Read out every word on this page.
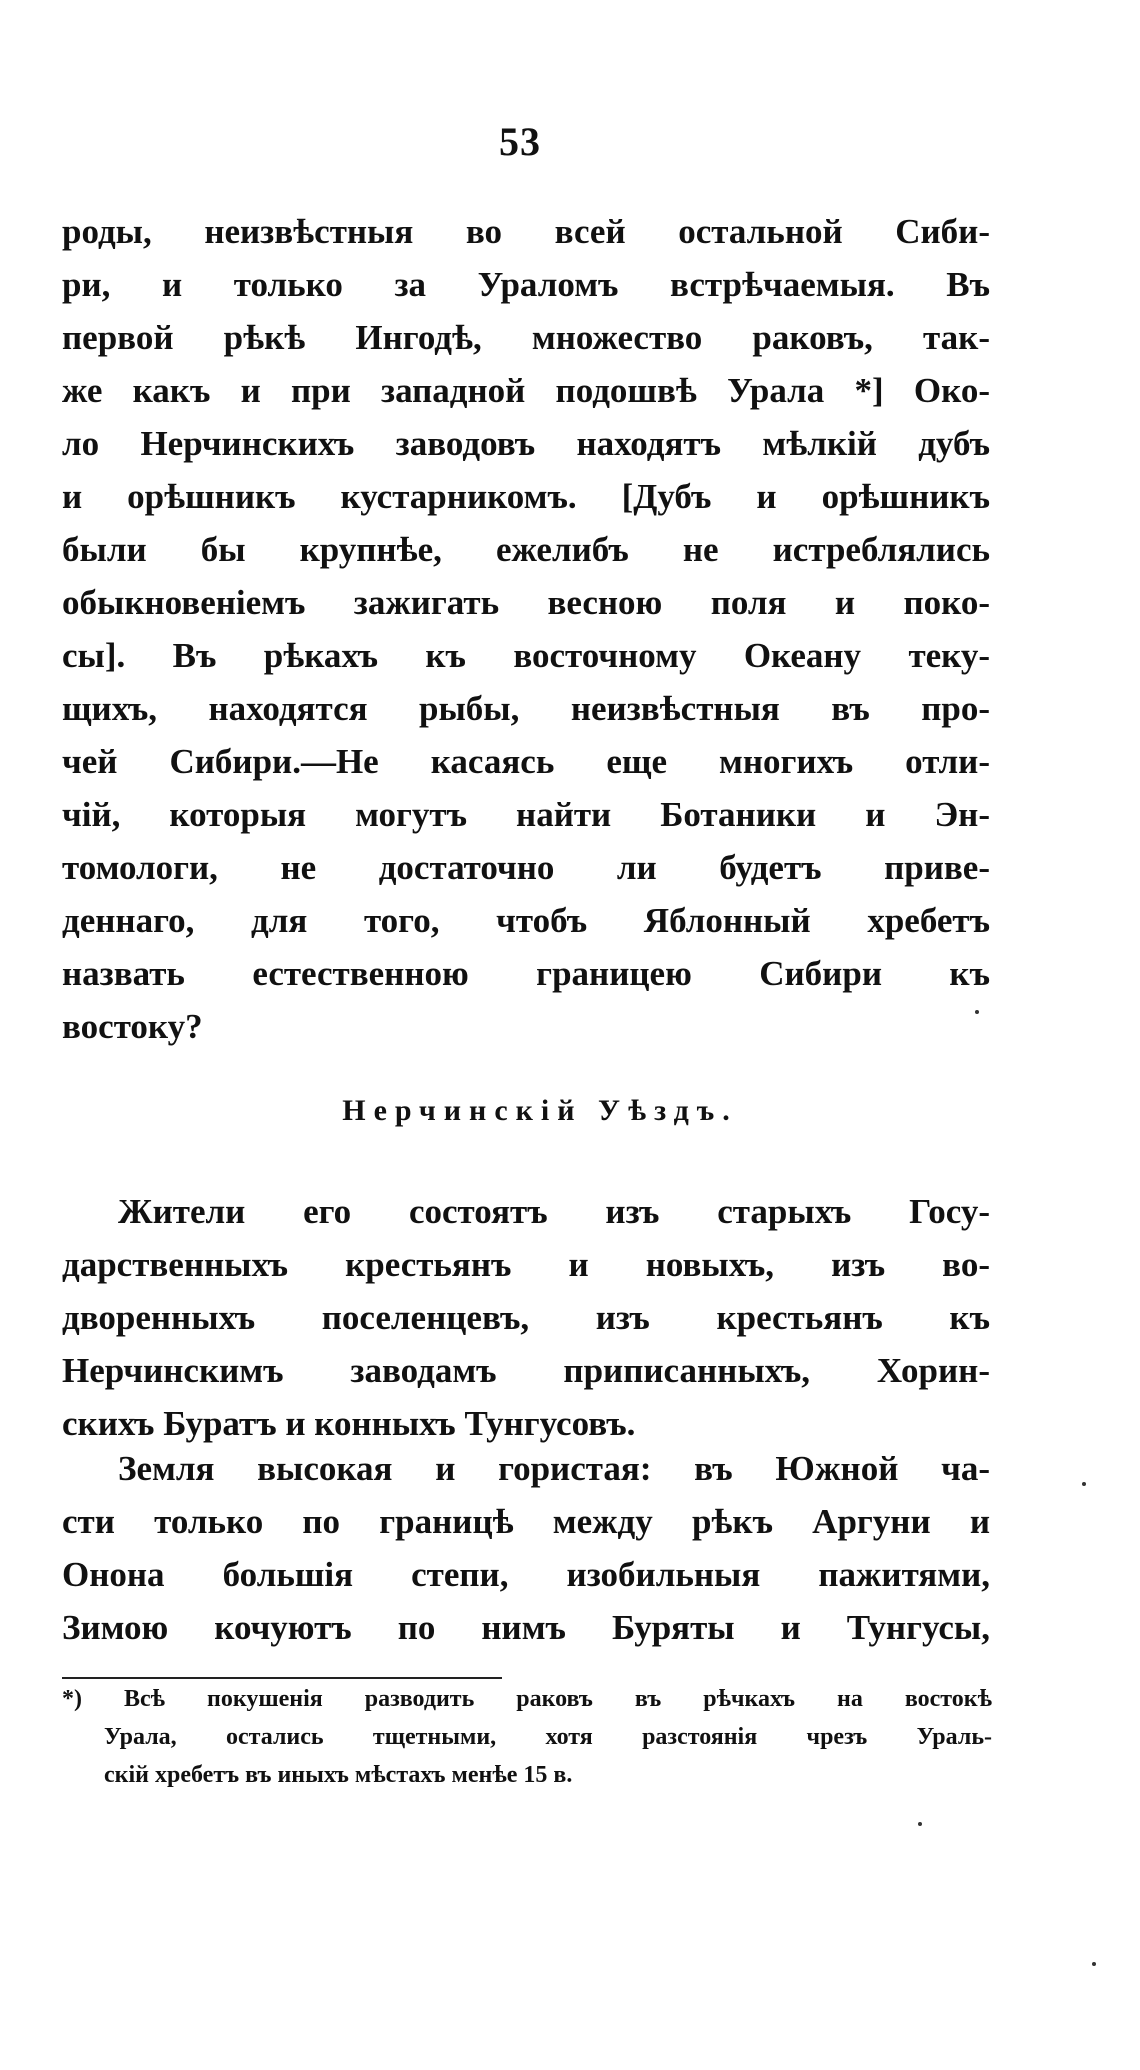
53
роды, неизвѣстныя во всей остальной Сиби-
ри, и только за Ураломъ встрѣчаемыя. Въ
первой рѣкѣ Ингодѣ, множество раковъ, так-
же какъ и при западной подошвѣ Урала *] Око-
ло Нерчинскихъ заводовъ находятъ мѣлкій дубъ
и орѣшникъ кустарникомъ. [Дубъ и орѣшникъ
были бы крупнѣе, ежелибъ не истреблялись
обыкновеніемъ зажигать весною поля и поко-
сы]. Въ рѣкахъ къ восточному Океану теку-
щихъ, находятся рыбы, неизвѣстныя въ про-
чей Сибири.—Не касаясь еще многихъ отли-
чій, которыя могутъ найти Ботаники и Эн-
томологи, не достаточно ли будетъ приве-
деннаго, для того, чтобъ Яблонный хребетъ
назвать естественною границею Сибири къ
востоку?
Нерчинскій Уѣздъ.
Жители его состоятъ изъ старыхъ Госу-
дарственныхъ крестьянъ и новыхъ, изъ во-
дворенныхъ поселенцевъ, изъ крестьянъ къ
Нерчинскимъ заводамъ приписанныхъ, Хорин-
скихъ Буратъ и конныхъ Тунгусовъ.
Земля высокая и гористая: въ Южной ча-
сти только по границѣ между рѣкъ Аргуни и
Онона большія степи, изобильныя пажитями,
Зимою кочуютъ по нимъ Буряты и Тунгусы,
*) Всѣ покушенія разводить раковъ въ рѣчкахъ на востокѣ
Урала, остались тщетными, хотя разстоянія чрезъ Ураль-
скій хребетъ въ иныхъ мѣстахъ менѣе 15 в.
